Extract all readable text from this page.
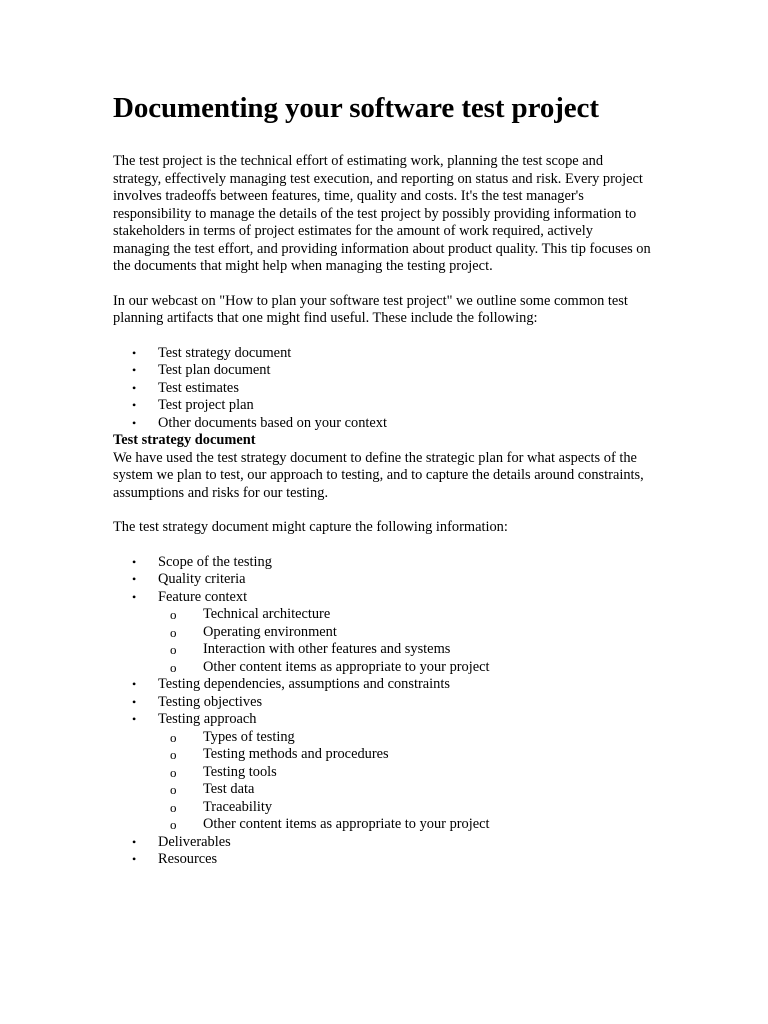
Documenting your software test project

The test project is the technical effort of estimating work, planning the test scope and strategy, effectively managing test execution, and reporting on status and risk. Every project involves tradeoffs between features, time, quality and costs. It's the test manager's responsibility to manage the details of the test project by possibly providing information to stakeholders in terms of project estimates for the amount of work required, actively managing the test effort, and providing information about product quality. This tip focuses on the documents that might help when managing the testing project.

In our webcast on "How to plan your software test project" we outline some common test planning artifacts that one might find useful. These include the following:

• Test strategy document
• Test plan document
• Test estimates
• Test project plan
• Other documents based on your context
Test strategy document

We have used the test strategy document to define the strategic plan for what aspects of the system we plan to test, our approach to testing, and to capture the details around constraints, assumptions and risks for our testing.

The test strategy document might capture the following information:

• Scope of the testing
• Quality criteria
• Feature context
o Technical architecture
o Operating environment
o Interaction with other features and systems
o Other content items as appropriate to your project
• Testing dependencies, assumptions and constraints
• Testing objectives
• Testing approach
o Types of testing
o Testing methods and procedures
o Testing tools
o Test data
o Traceability
o Other content items as appropriate to your project
• Deliverables
• Resources
